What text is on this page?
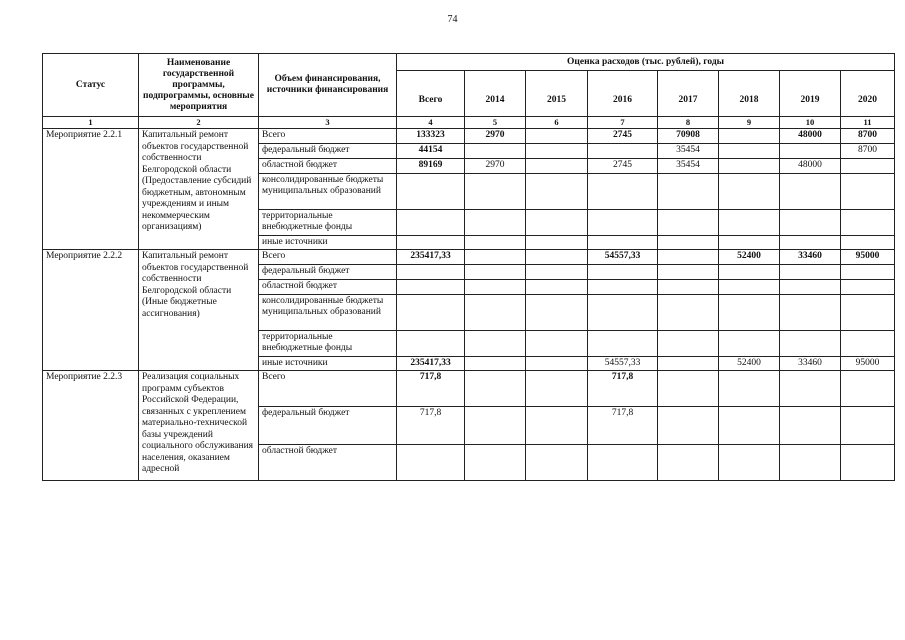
74
Статус	Наименование государственной программы, подпрограммы, основные мероприятия	Объем финансирования, источники финансирования	Оценка расходов (тыс. рублей), годы							
			Всего	2014	2015	2016	2017	2018	2019	2020
1	2	3	4	5	6	7	8	9	10	11
Мероприятие 2.2.1	Капитальный ремонт объектов государственной собственности Белгородской области (Предоставление субсидий бюджетным, автономным учреждениям и иным некоммерческим организациям)	Всего	133323	2970		2745	70908		48000	8700
		федеральный бюджет	44154				35454			8700
		областной бюджет	89169	2970		2745	35454		48000	
		консолидированные бюджеты муниципальных образований								
		территориальные внебюджетные фонды								
		иные источники								
Мероприятие 2.2.2	Капитальный ремонт объектов государственной собственности Белгородской области (Иные бюджетные ассигнования)	Всего	235417,33			54557,33		52400	33460	95000
		федеральный бюджет								
		областной бюджет								
		консолидированные бюджеты муниципальных образований								
		территориальные внебюджетные фонды								
		иные источники	235417,33			54557,33		52400	33460	95000
Мероприятие 2.2.3	Реализация социальных программ субъектов Российской Федерации, связанных с укреплением материально-технической базы учреждений социального обслуживания населения, оказанием адресной	Всего	717,8			717,8				
		федеральный бюджет	717,8			717,8				
		областной бюджет								
